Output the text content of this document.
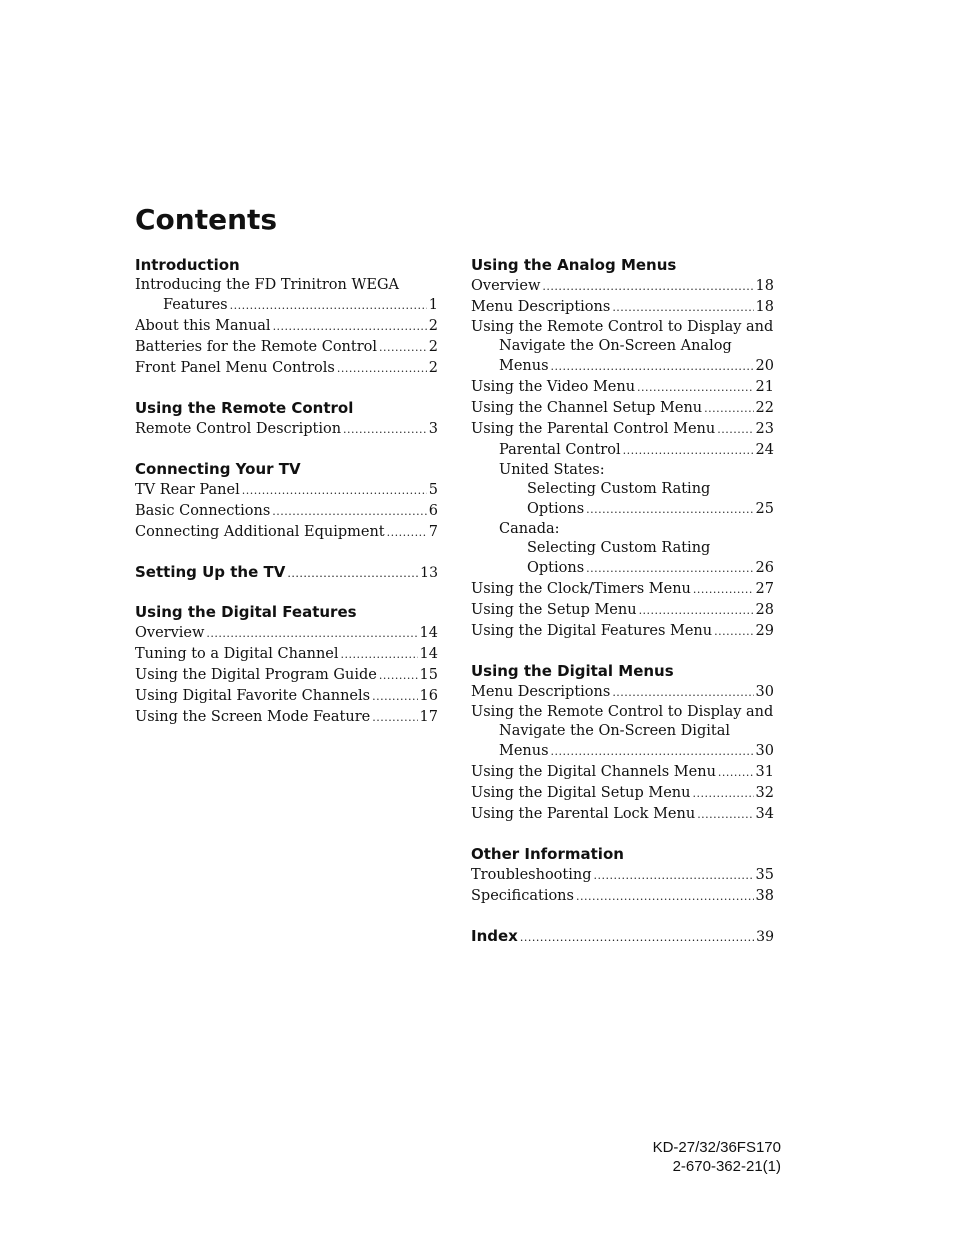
Contents
Introduction
Introducing the FD Trinitron WEGA
Features .....	1
About this Manual .....	2
Batteries for the Remote Control .....	2
Front Panel Menu Controls .....	2
Using the Remote Control
Remote Control Description .....	3
Connecting Your TV
TV Rear Panel .....	5
Basic Connections .....	6
Connecting Additional Equipment .....	7
Setting Up the TV .....	13
Using the Digital Features
Overview .....	14
Tuning to a Digital Channel .....	14
Using the Digital Program Guide .....	15
Using Digital Favorite Channels .....	16
Using the Screen Mode Feature .....	17
Using the Analog Menus
Overview .....	18
Menu Descriptions .....	18
Using the Remote Control to Display and
Navigate the On-Screen Analog
Menus .....	20
Using the Video Menu .....	21
Using the Channel Setup Menu .....	22
Using the Parental Control Menu .....	23
Parental Control .....	24
United States:
Selecting Custom Rating
Options .....	25
Canada:
Selecting Custom Rating
Options .....	26
Using the Clock/Timers Menu .....	27
Using the Setup Menu .....	28
Using the Digital Features Menu .....	29
Using the Digital Menus
Menu Descriptions .....	30
Using the Remote Control to Display and
Navigate the On-Screen Digital
Menus .....	30
Using the Digital Channels Menu .....	31
Using the Digital Setup Menu .....	32
Using the Parental Lock Menu .....	34
Other Information
Troubleshooting .....	35
Specifications .....	38
Index .....	39
KD-27/32/36FS170
2-670-362-21(1)
